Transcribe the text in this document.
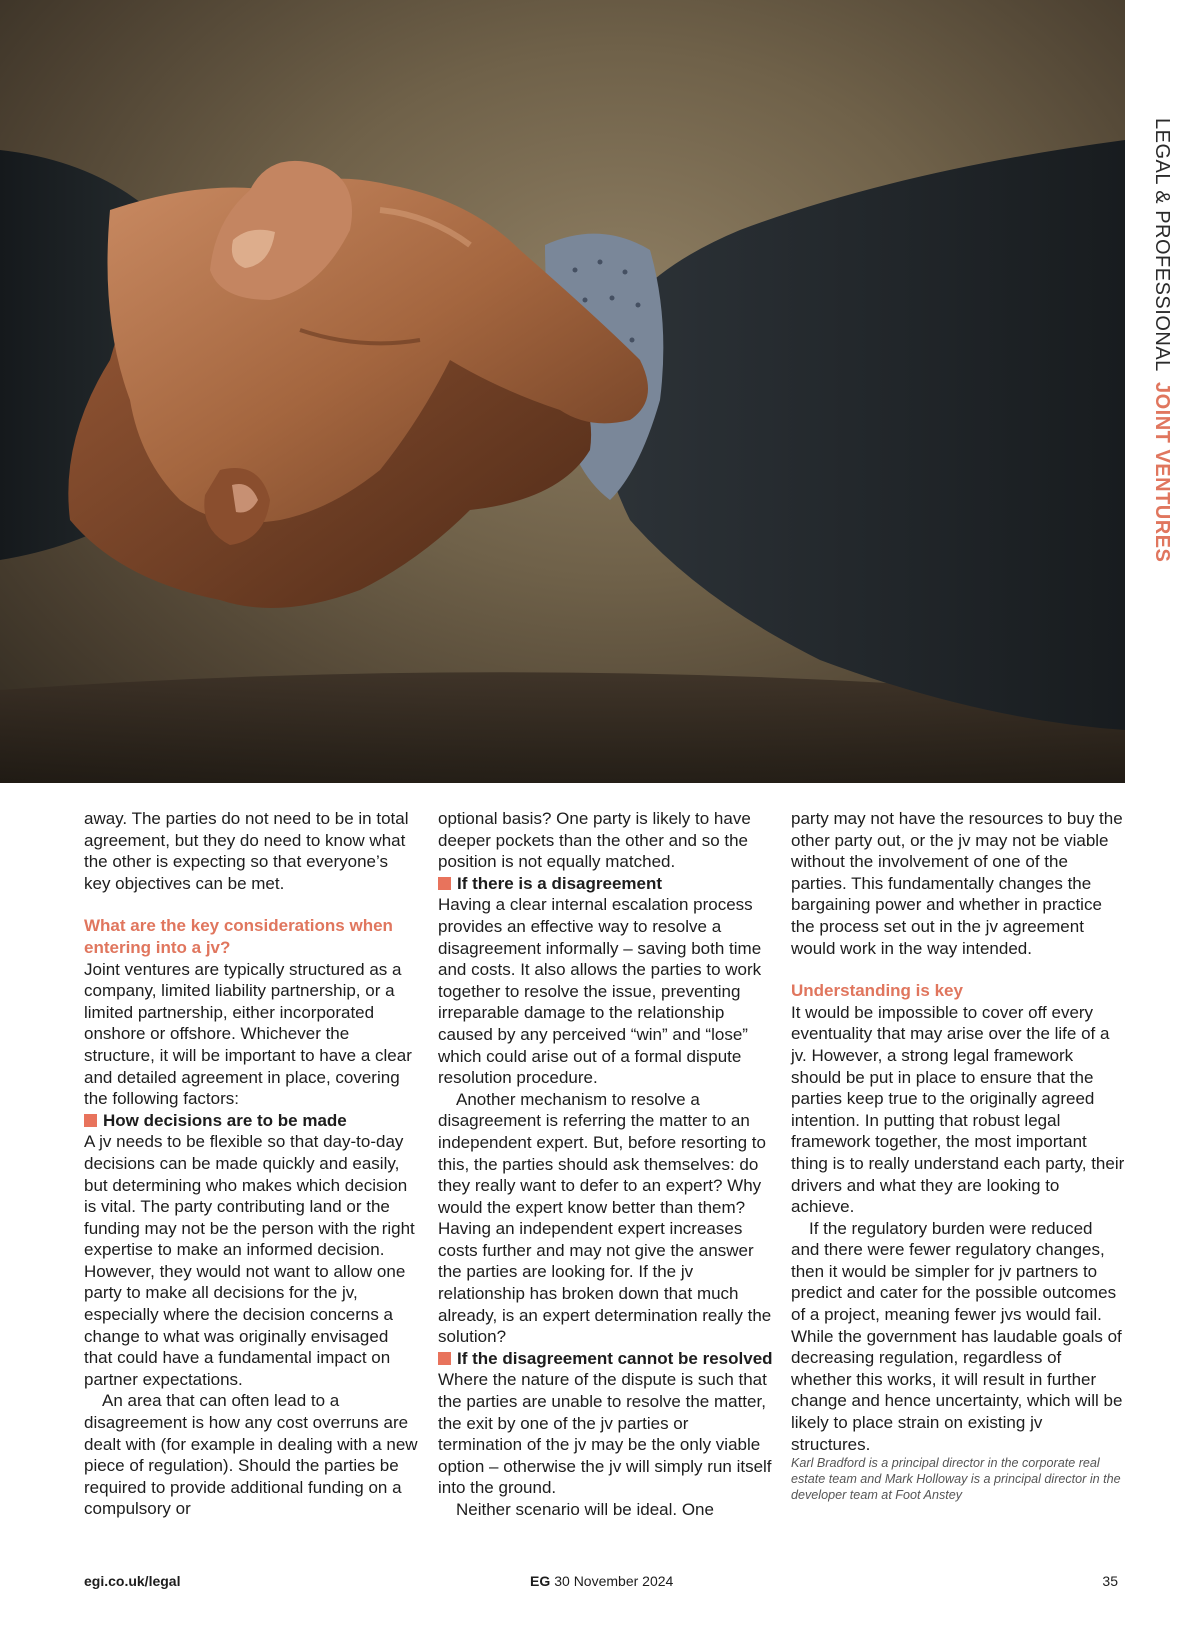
LEGAL & PROFESSIONAL JOINT VENTURES

away. The parties do not need to be in total agreement, but they do need to know what the other is expecting so that everyone’s key objectives can be met.

What are the key considerations when entering into a jv?

Joint ventures are typically structured as a company, limited liability partnership, or a limited partnership, either incorporated onshore or offshore. Whichever the structure, it will be important to have a clear and detailed agreement in place, covering the following factors:

How decisions are to be made

A jv needs to be flexible so that day-to-day decisions can be made quickly and easily, but determining who makes which decision is vital. The party contributing land or the funding may not be the person with the right expertise to make an informed decision. However, they would not want to allow one party to make all decisions for the jv, especially where the decision concerns a change to what was originally envisaged that could have a fundamental impact on partner expectations.

An area that can often lead to a disagreement is how any cost overruns are dealt with (for example in dealing with a new piece of regulation). Should the parties be required to provide additional funding on a compulsory or

optional basis? One party is likely to have deeper pockets than the other and so the position is not equally matched.

If there is a disagreement

Having a clear internal escalation process provides an effective way to resolve a disagreement informally – saving both time and costs. It also allows the parties to work together to resolve the issue, preventing irreparable damage to the relationship caused by any perceived “win” and “lose” which could arise out of a formal dispute resolution procedure.

Another mechanism to resolve a disagreement is referring the matter to an independent expert. But, before resorting to this, the parties should ask themselves: do they really want to defer to an expert? Why would the expert know better than them? Having an independent expert increases costs further and may not give the answer the parties are looking for. If the jv relationship has broken down that much already, is an expert determination really the solution?

If the disagreement cannot be resolved

Where the nature of the dispute is such that the parties are unable to resolve the matter, the exit by one of the jv parties or termination of the jv may be the only viable option – otherwise the jv will simply run itself into the ground.

Neither scenario will be ideal. One

party may not have the resources to buy the other party out, or the jv may not be viable without the involvement of one of the parties. This fundamentally changes the bargaining power and whether in practice the process set out in the jv agreement would work in the way intended.

Understanding is key

It would be impossible to cover off every eventuality that may arise over the life of a jv. However, a strong legal framework should be put in place to ensure that the parties keep true to the originally agreed intention. In putting that robust legal framework together, the most important thing is to really understand each party, their drivers and what they are looking to achieve.

If the regulatory burden were reduced and there were fewer regulatory changes, then it would be simpler for jv partners to predict and cater for the possible outcomes of a project, meaning fewer jvs would fail. While the government has laudable goals of decreasing regulation, regardless of whether this works, it will result in further change and hence uncertainty, which will be likely to place strain on existing jv structures.

Karl Bradford is a principal director in the corporate real estate team and Mark Holloway is a principal director in the developer team at Foot Anstey

egi.co.uk/legal	EG 30 November 2024	35
